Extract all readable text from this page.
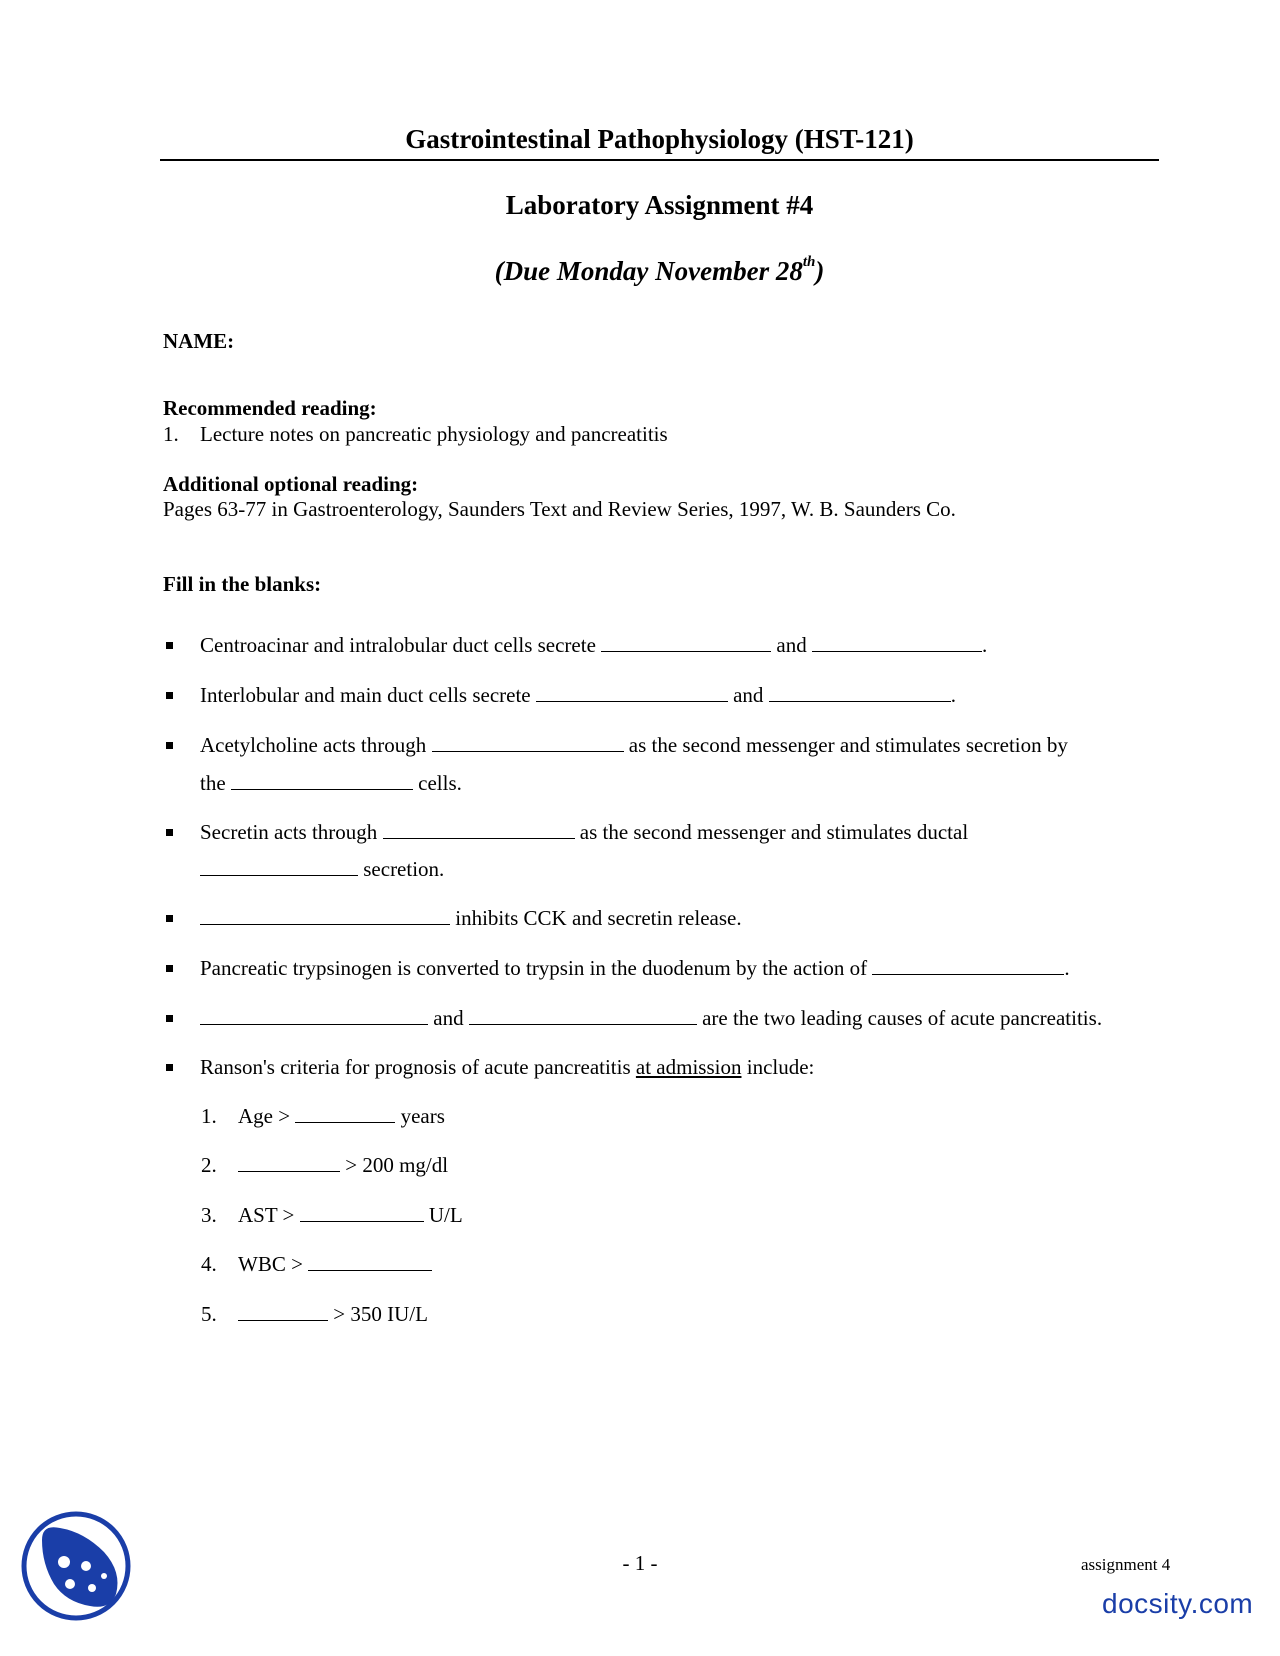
Gastrointestinal Pathophysiology (HST-121)
Laboratory Assignment #4
(Due Monday November 28th)
NAME:
Recommended reading:
1. Lecture notes on pancreatic physiology and pancreatitis
Additional optional reading:
Pages 63-77 in Gastroenterology, Saunders Text and Review Series, 1997, W. B. Saunders Co.
Fill in the blanks:
Centroacinar and intralobular duct cells secrete	and	.
Interlobular and main duct cells secrete	and	.
Acetylcholine acts through	as the second messenger and stimulates secretion by
the	cells.
Secretin acts through	as the second messenger and stimulates ductal
secretion.
inhibits CCK and secretin release.
Pancreatic trypsinogen is converted to trypsin in the duodenum by the action of	.
and	are the two leading causes of acute pancreatitis.
Ranson's criteria for prognosis of acute pancreatitis at admission include:
1. Age >	years
2.	> 200 mg/dl
3. AST >	U/L
4. WBC >
5.	> 350 IU/L
- 1 -	assignment 4
docsity.com
